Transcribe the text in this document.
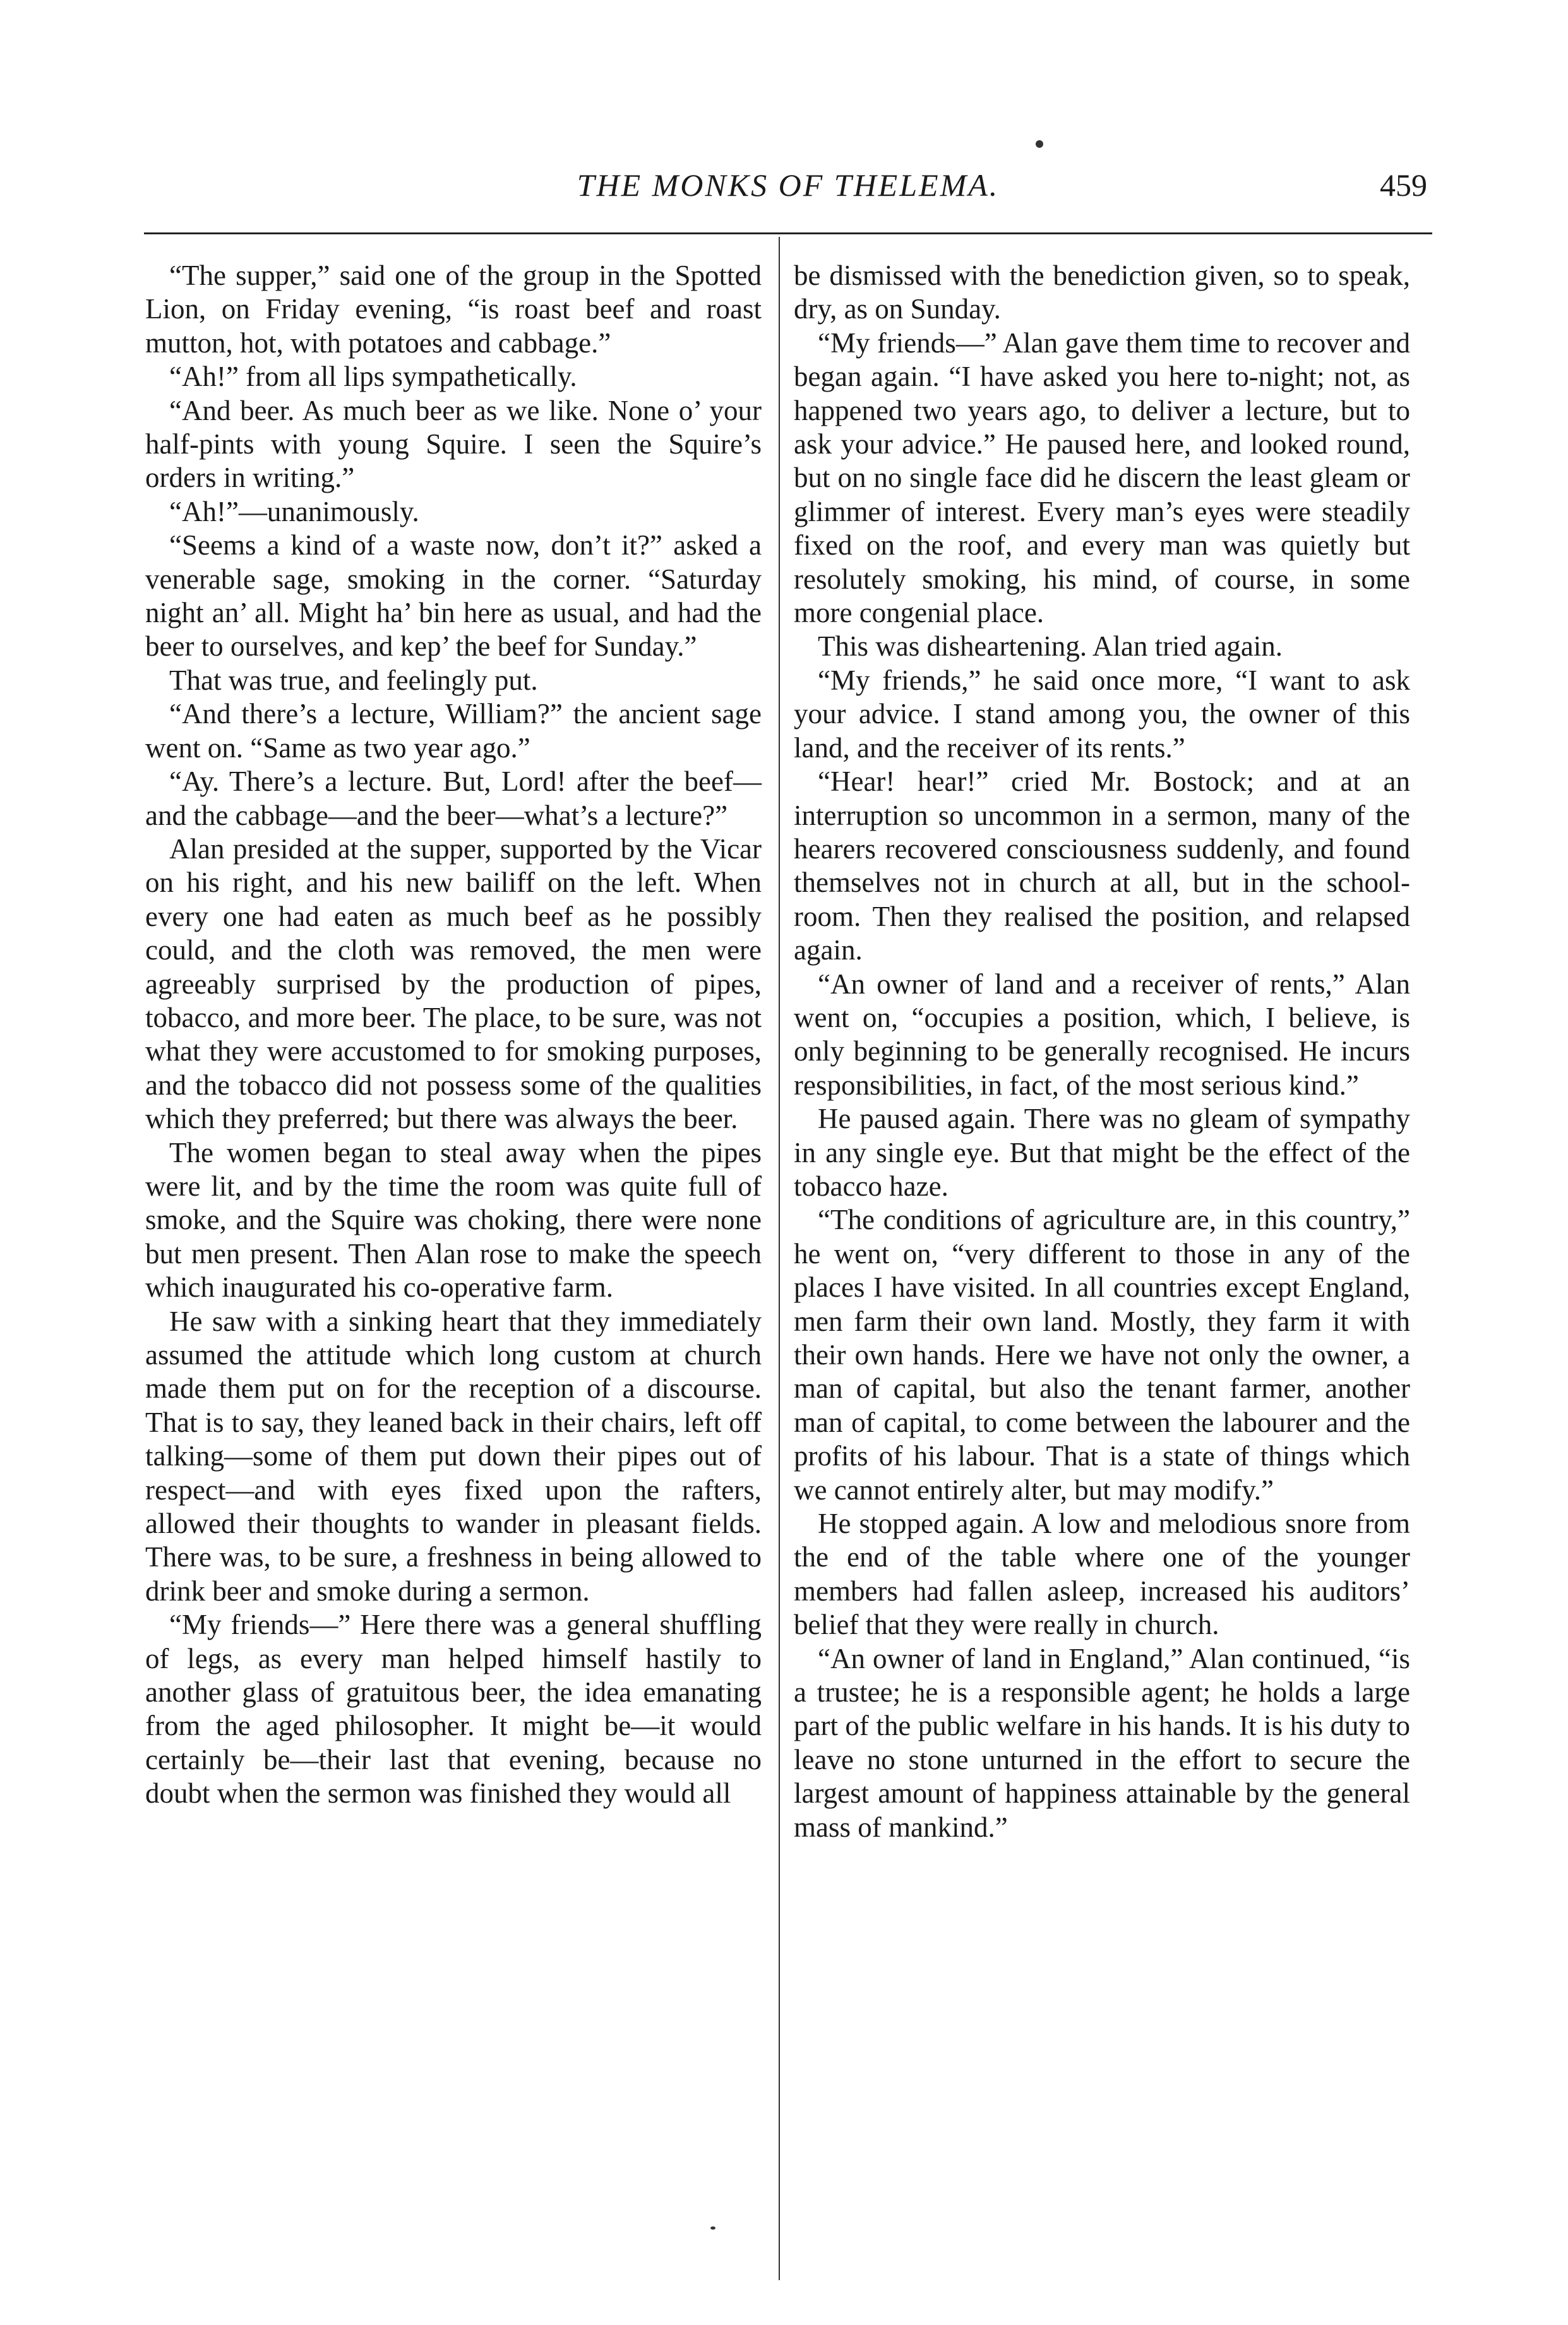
THE MONKS OF THELEMA.	459

“The supper,” said one of the group in the Spotted Lion, on Friday evening, “is roast beef and roast mutton, hot, with potatoes and cabbage.”

“Ah!” from all lips sympathetically.

“And beer. As much beer as we like. None o’ your half-pints with young Squire. I seen the Squire’s orders in writing.”

“Ah!”—unanimously.

“Seems a kind of a waste now, don’t it?” asked a venerable sage, smoking in the corner. “Saturday night an’ all. Might ha’ bin here as usual, and had the beer to ourselves, and kep’ the beef for Sunday.”

That was true, and feelingly put.

“And there’s a lecture, William?” the ancient sage went on. “Same as two year ago.”

“Ay. There’s a lecture. But, Lord! after the beef—and the cabbage—and the beer—what’s a lecture?”

Alan presided at the supper, supported by the Vicar on his right, and his new bailiff on the left. When every one had eaten as much beef as he possibly could, and the cloth was removed, the men were agreeably surprised by the production of pipes, tobacco, and more beer. The place, to be sure, was not what they were accustomed to for smoking purposes, and the tobacco did not possess some of the qualities which they preferred; but there was always the beer.

The women began to steal away when the pipes were lit, and by the time the room was quite full of smoke, and the Squire was choking, there were none but men present. Then Alan rose to make the speech which inaugurated his co-operative farm.

He saw with a sinking heart that they immediately assumed the attitude which long custom at church made them put on for the reception of a discourse. That is to say, they leaned back in their chairs, left off talking—some of them put down their pipes out of respect—and with eyes fixed upon the rafters, allowed their thoughts to wander in pleasant fields. There was, to be sure, a freshness in being allowed to drink beer and smoke during a sermon.

“My friends—” Here there was a general shuffling of legs, as every man helped himself hastily to another glass of gratuitous beer, the idea emanating from the aged philosopher. It might be—it would certainly be—their last that evening, because no doubt when the sermon was finished they would all

be dismissed with the benediction given, so to speak, dry, as on Sunday.

“My friends—” Alan gave them time to recover and began again. “I have asked you here to-night; not, as happened two years ago, to deliver a lecture, but to ask your advice.” He paused here, and looked round, but on no single face did he discern the least gleam or glimmer of interest. Every man’s eyes were steadily fixed on the roof, and every man was quietly but resolutely smoking, his mind, of course, in some more congenial place.

This was disheartening. Alan tried again.

“My friends,” he said once more, “I want to ask your advice. I stand among you, the owner of this land, and the receiver of its rents.”

“Hear! hear!” cried Mr. Bostock; and at an interruption so uncommon in a sermon, many of the hearers recovered consciousness suddenly, and found themselves not in church at all, but in the school-room. Then they realised the position, and relapsed again.

“An owner of land and a receiver of rents,” Alan went on, “occupies a position, which, I believe, is only beginning to be generally recognised. He incurs responsibilities, in fact, of the most serious kind.”

He paused again. There was no gleam of sympathy in any single eye. But that might be the effect of the tobacco haze.

“The conditions of agriculture are, in this country,” he went on, “very different to those in any of the places I have visited. In all countries except England, men farm their own land. Mostly, they farm it with their own hands. Here we have not only the owner, a man of capital, but also the tenant farmer, another man of capital, to come between the labourer and the profits of his labour. That is a state of things which we cannot entirely alter, but may modify.”

He stopped again. A low and melodious snore from the end of the table where one of the younger members had fallen asleep, increased his auditors’ belief that they were really in church.

“An owner of land in England,” Alan continued, “is a trustee; he is a responsible agent; he holds a large part of the public welfare in his hands. It is his duty to leave no stone unturned in the effort to secure the largest amount of happiness attainable by the general mass of mankind.”
